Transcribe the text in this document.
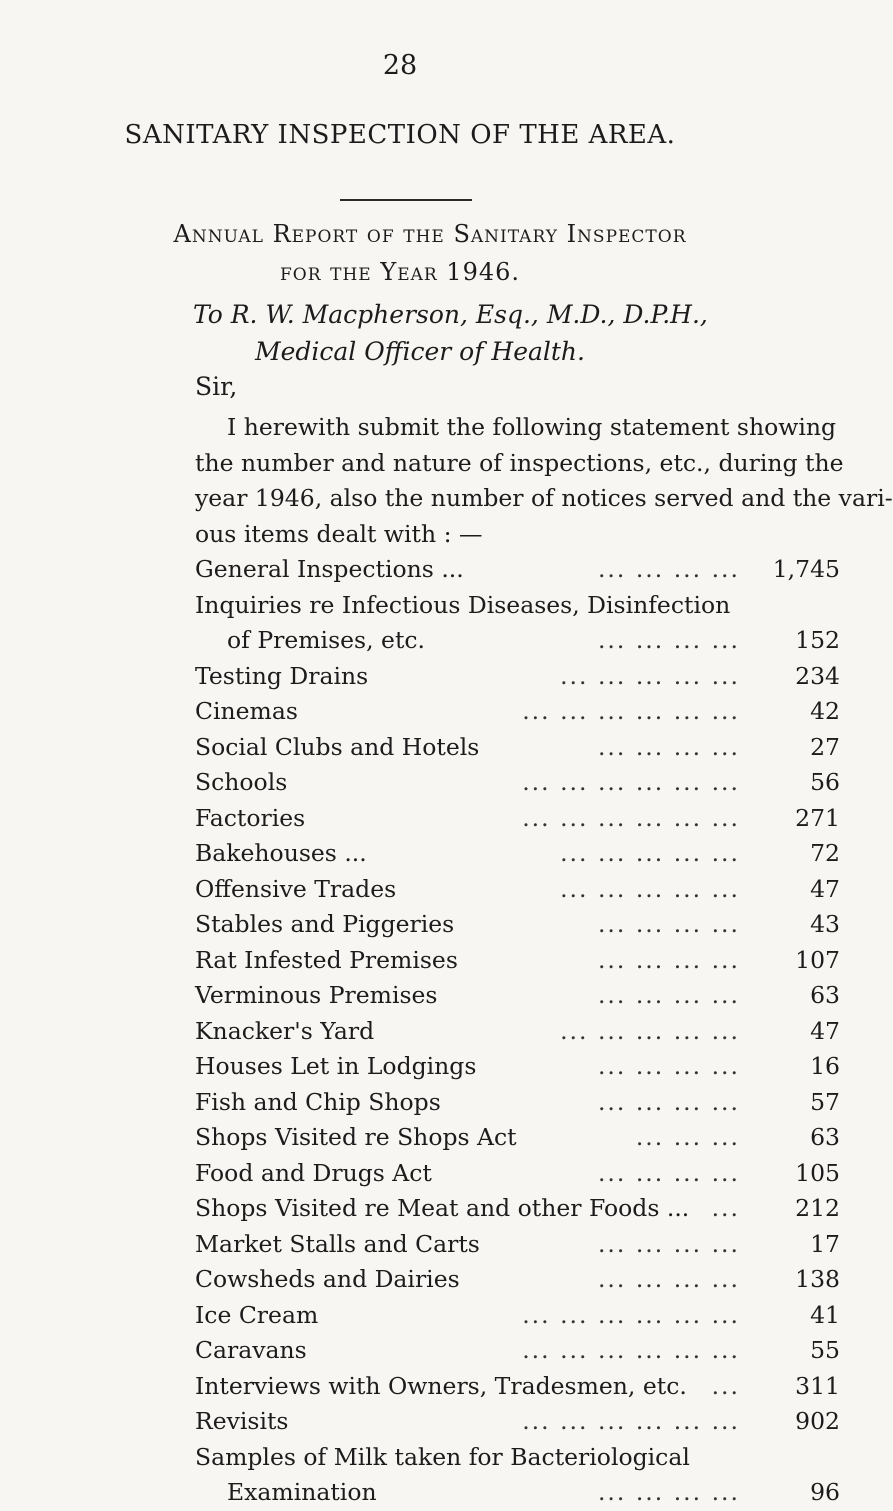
28
SANITARY INSPECTION OF THE AREA.
Annual Report of the Sanitary Inspector
for the Year 1946.
To R. W. Macpherson, Esq., M.D., D.P.H.,
Medical Officer of Health.
Sir,
I herewith submit the following statement showing
the number and nature of inspections, etc., during the
year 1946, also the number of notices served and the vari-
ous items dealt with : —
General Inspections ...	... ... ... ... 1,745
Inquiries re Infectious Diseases, Disinfection
of Premises, etc.	... ... ... ... 152
Testing Drains	... ... ... ... ... 234
Cinemas	... ... ... ... ... ...	42
Social Clubs and Hotels	... ... ... ...	27
Schools	... ... ... ... ... ...	56
Factories	... ... ... ... ... ... 271
Bakehouses ...	... ... ... ... ...	72
Offensive Trades	... ... ... ... ...	47
Stables and Piggeries	... ... ... ...	43
Rat Infested Premises	... ... ... ... 107
Verminous Premises	... ... ... ...	63
Knacker's Yard	... ... ... ... ...	47
Houses Let in Lodgings	... ... ... ...	16
Fish and Chip Shops	... ... ... ...	57
Shops Visited re Shops Act	... ... ...	63
Food and Drugs Act	... ... ... ... 105
Shops Visited re Meat and other Foods ... ... 212
Market Stalls and Carts	... ... ... ...	17
Cowsheds and Dairies	... ... ... ... 138
Ice Cream	... ... ... ... ... ...	41
Caravans	... ... ... ... ... ...	55
Interviews with Owners, Tradesmen, etc. ... 311
Revisits	... ... ... ... ... ... 902
Samples of Milk taken for Bacteriological
Examination	... ... ... ...	96
